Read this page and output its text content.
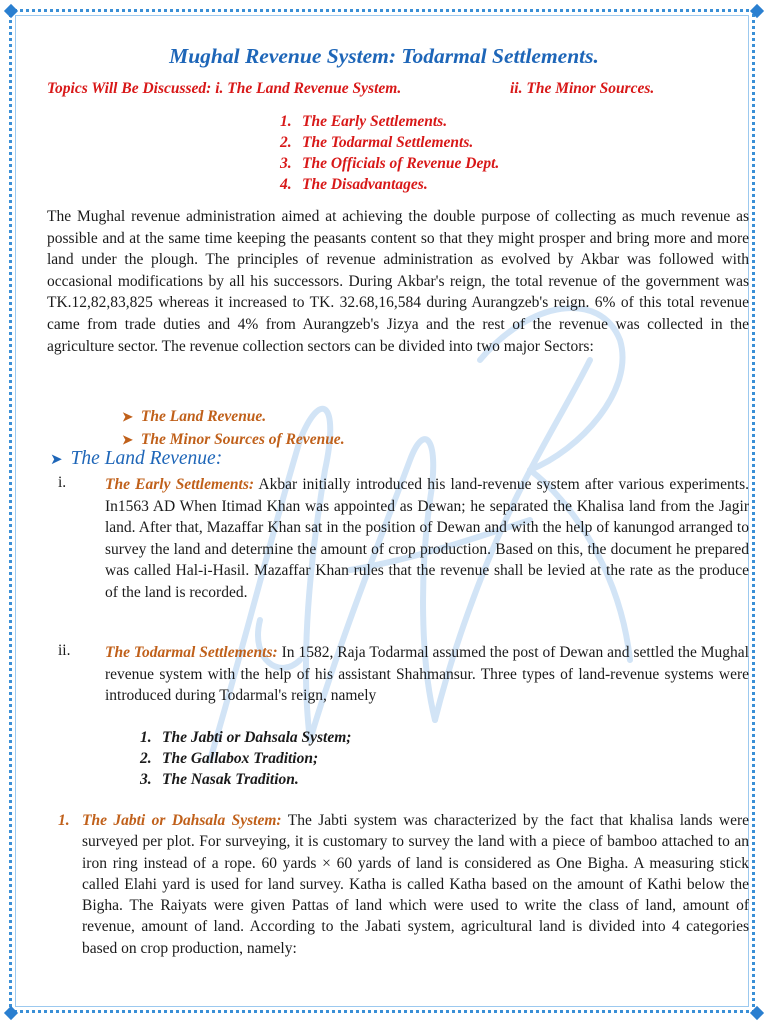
Mughal Revenue System: Todarmal Settlements.
Topics Will Be Discussed: i. The Land Revenue System.	ii. The Minor Sources.
1. The Early Settlements.
2. The Todarmal Settlements.
3. The Officials of Revenue Dept.
4. The Disadvantages.
The Mughal revenue administration aimed at achieving the double purpose of collecting as much revenue as possible and at the same time keeping the peasants content so that they might prosper and bring more and more land under the plough. The principles of revenue administration as evolved by Akbar was followed with occasional modifications by all his successors. During Akbar's reign, the total revenue of the government was TK.12,82,83,825 whereas it increased to TK. 32.68,16,584 during Aurangzeb's reign. 6% of this total revenue came from trade duties and 4% from Aurangzeb's Jizya and the rest of the revenue was collected in the agriculture sector. The revenue collection sectors can be divided into two major Sectors:
➤ The Land Revenue.
➤ The Minor Sources of Revenue.
➤ The Land Revenue:
i.	The Early Settlements: Akbar initially introduced his land-revenue system after various experiments. In1563 AD When Itimad Khan was appointed as Dewan; he separated the Khalisa land from the Jagir land. After that, Mazaffar Khan sat in the position of Dewan and with the help of kanungod arranged to survey the land and determine the amount of crop production. Based on this, the document he prepared was called Hal-i-Hasil. Mazaffar Khan rules that the revenue shall be levied at the rate as the produce of the land is recorded.
ii. The Todarmal Settlements: In 1582, Raja Todarmal assumed the post of Dewan and settled the Mughal revenue system with the help of his assistant Shahmansur. Three types of land-revenue systems were introduced during Todarmal's reign, namely
1. The Jabti or Dahsala System;
2. The Gallabox Tradition;
3. The Nasak Tradition.
1. The Jabti or Dahsala System: The Jabti system was characterized by the fact that khalisa lands were surveyed per plot. For surveying, it is customary to survey the land with a piece of bamboo attached to an iron ring instead of a rope. 60 yards × 60 yards of land is considered as One Bigha. A measuring stick called Elahi yard is used for land survey. Katha is called Katha based on the amount of Kathi below the Bigha. The Raiyats were given Pattas of land which were used to write the class of land, amount of revenue, amount of land. According to the Jabati system, agricultural land is divided into 4 categories based on crop production, namely:
